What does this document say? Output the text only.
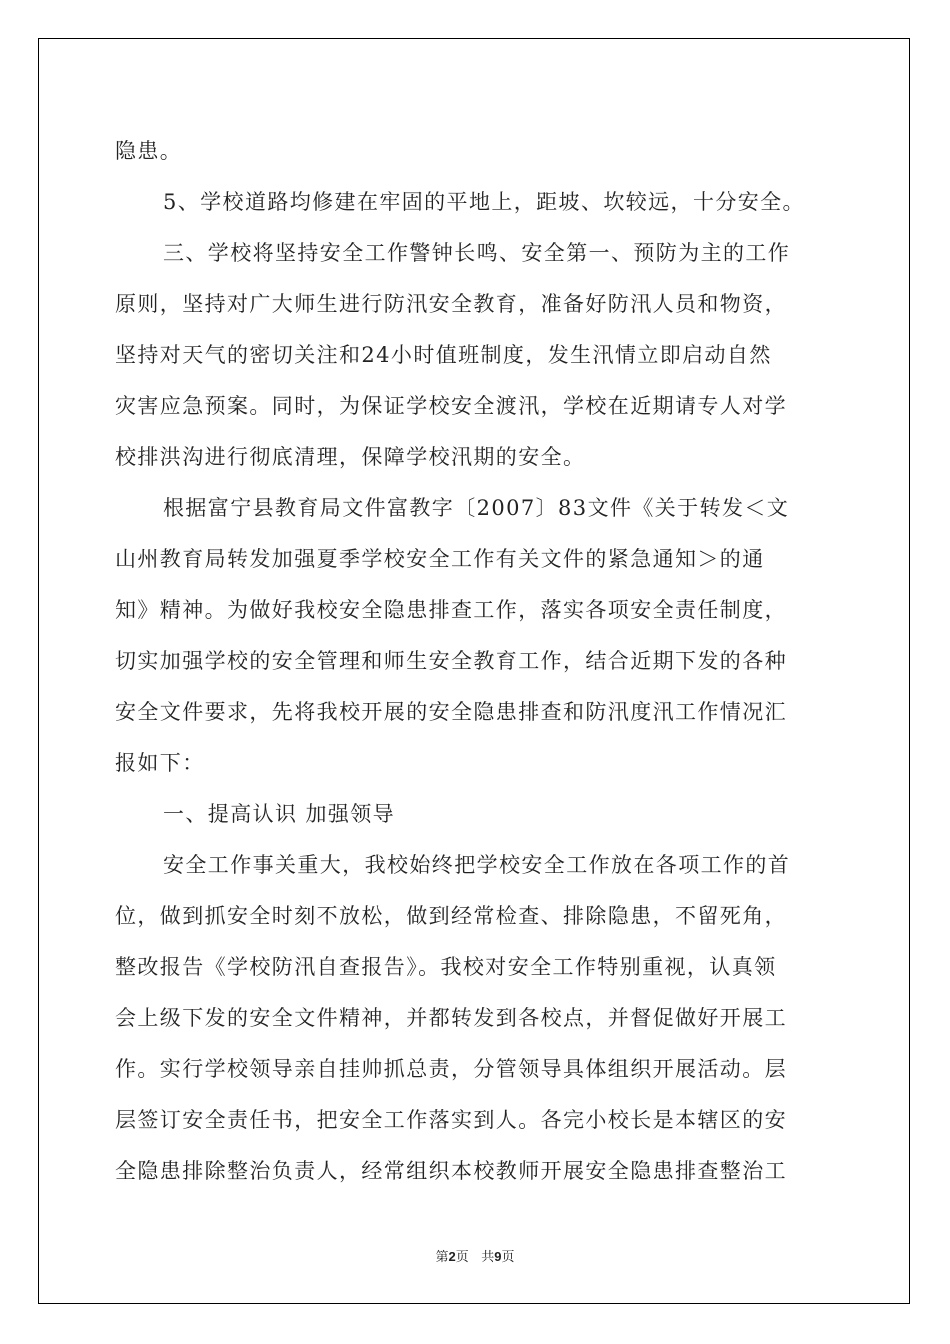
隐患。
5、学校道路均修建在牢固的平地上，距坡、坎较远，十分安全。
三、学校将坚持安全工作警钟长鸣、安全第一、预防为主的工作
原则，坚持对广大师生进行防汛安全教育，准备好防汛人员和物资，
坚持对天气的密切关注和24小时值班制度，发生汛情立即启动自然
灾害应急预案。同时，为保证学校安全渡汛，学校在近期请专人对学
校排洪沟进行彻底清理，保障学校汛期的安全。
根据富宁县教育局文件富教字〔2007〕83文件《关于转发＜文
山州教育局转发加强夏季学校安全工作有关文件的紧急通知＞的通
知》精神。为做好我校安全隐患排查工作，落实各项安全责任制度，
切实加强学校的安全管理和师生安全教育工作，结合近期下发的各种
安全文件要求，先将我校开展的安全隐患排查和防汛度汛工作情况汇
报如下：
一、提高认识 加强领导
安全工作事关重大，我校始终把学校安全工作放在各项工作的首
位，做到抓安全时刻不放松，做到经常检查、排除隐患，不留死角，
整改报告《学校防汛自查报告》。我校对安全工作特别重视，认真领
会上级下发的安全文件精神，并都转发到各校点，并督促做好开展工
作。实行学校领导亲自挂帅抓总责，分管领导具体组织开展活动。层
层签订安全责任书，把安全工作落实到人。各完小校长是本辖区的安
全隐患排除整治负责人，经常组织本校教师开展安全隐患排查整治工
第2页 共9页
